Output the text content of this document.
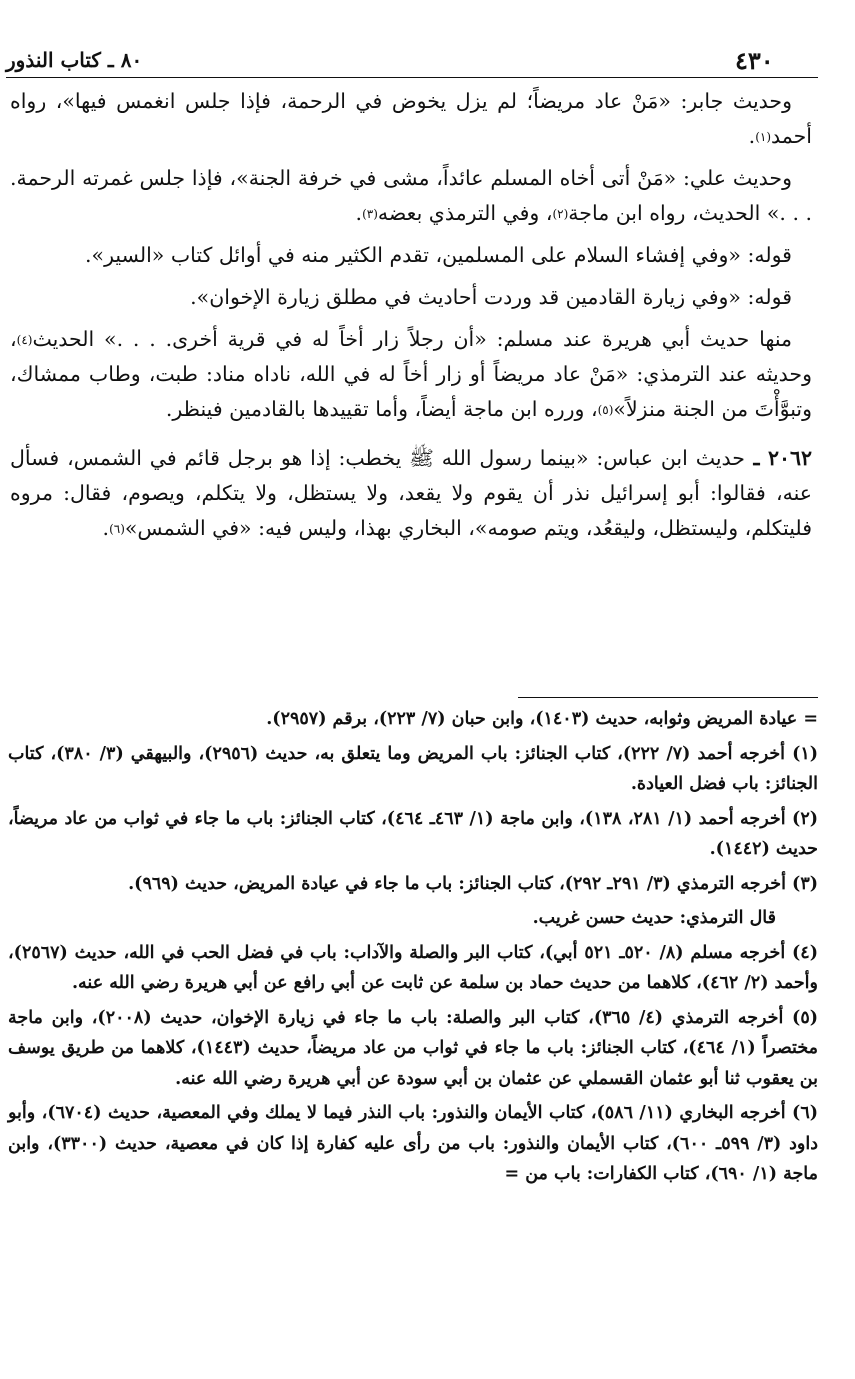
٤٣٠
٨٠ ـ كتاب النذور

وحديث جابر: «مَنْ عاد مريضاً؛ لم يزل يخوض في الرحمة، فإذا جلس انغمس فيها»، رواه أحمد$^{(١)}$.

وحديث علي: «مَنْ أتى أخاه المسلم عائداً، مشى في خرفة الجنة»، فإذا جلس غمرته الرحمة. . . .» الحديث، رواه ابن ماجة$^{(٢)}$، وفي الترمذي بعضه$^{(٣)}$.

قوله: «وفي إفشاء السلام على المسلمين، تقدم الكثير منه في أوائل كتاب «السير».

قوله: «وفي زيارة القادمين قد وردت أحاديث في مطلق زيارة الإخوان».

منها حديث أبي هريرة عند مسلم: «أن رجلاً زار أخاً له في قرية أخرى. . . .» الحديث$^{(٤)}$، وحديثه عند الترمذي: «مَنْ عاد مريضاً أو زار أخاً له في الله، ناداه مناد: طبت، وطاب ممشاك، وتبوَّأْتَ من الجنة منزلاً»$^{(٥)}$، ورره ابن ماجة أيضاً، وأما تقييدها بالقادمين فينظر.

٢٠٦٢ ـ حديث ابن عباس: «بينما رسول الله ﷺ يخطب: إذا هو برجل قائم في الشمس، فسأل عنه، فقالوا: أبو إسرائيل نذر أن يقوم ولا يقعد، ولا يستظل، ولا يتكلم، ويصوم، فقال: مروه فليتكلم، وليستظل، وليقعُد، ويتم صومه»، البخاري بهذا، وليس فيه: «في الشمس»$^{(٦)}$.

= عيادة المريض وثوابه، حديث (١٤٠٣)، وابن حبان (٧/ ٢٢٣)، برقم (٢٩٥٧).

(١) أخرجه أحمد (٧/ ٢٢٢)، كتاب الجنائز: باب المريض وما يتعلق به، حديث (٢٩٥٦)، والبيهقي (٣/ ٣٨٠)، كتاب الجنائز: باب فضل العيادة.

(٢) أخرجه أحمد (١/ ٢٨١، ١٣٨)، وابن ماجة (١/ ٤٦٣ـ ٤٦٤)، كتاب الجنائز: باب ما جاء في ثواب من عاد مريضاً، حديث (١٤٤٢).

(٣) أخرجه الترمذي (٣/ ٢٩١ـ ٢٩٢)، كتاب الجنائز: باب ما جاء في عيادة المريض، حديث (٩٦٩).

قال الترمذي: حديث حسن غريب.

(٤) أخرجه مسلم (٨/ ٥٢٠ـ ٥٢١ أبي)، كتاب البر والصلة والآداب: باب في فضل الحب في الله، حديث (٢٥٦٧)، وأحمد (٢/ ٤٦٢)، كلاهما من حديث حماد بن سلمة عن ثابت عن أبي رافع عن أبي هريرة رضي الله عنه.

(٥) أخرجه الترمذي (٤/ ٣٦٥)، كتاب البر والصلة: باب ما جاء في زيارة الإخوان، حديث (٢٠٠٨)، وابن ماجة مختصراً (١/ ٤٦٤)، كتاب الجنائز: باب ما جاء في ثواب من عاد مريضاً، حديث (١٤٤٣)، كلاهما من طريق يوسف بن يعقوب ثنا أبو عثمان القسملي عن عثمان بن أبي سودة عن أبي هريرة رضي الله عنه.

(٦) أخرجه البخاري (١١/ ٥٨٦)، كتاب الأيمان والنذور: باب النذر فيما لا يملك وفي المعصية، حديث (٦٧٠٤)، وأبو داود (٣/ ٥٩٩ـ ٦٠٠)، كتاب الأيمان والنذور: باب من رأى عليه كفارة إذا كان في معصية، حديث (٣٣٠٠)، وابن ماجة (١/ ٦٩٠)، كتاب الكفارات: باب من =
